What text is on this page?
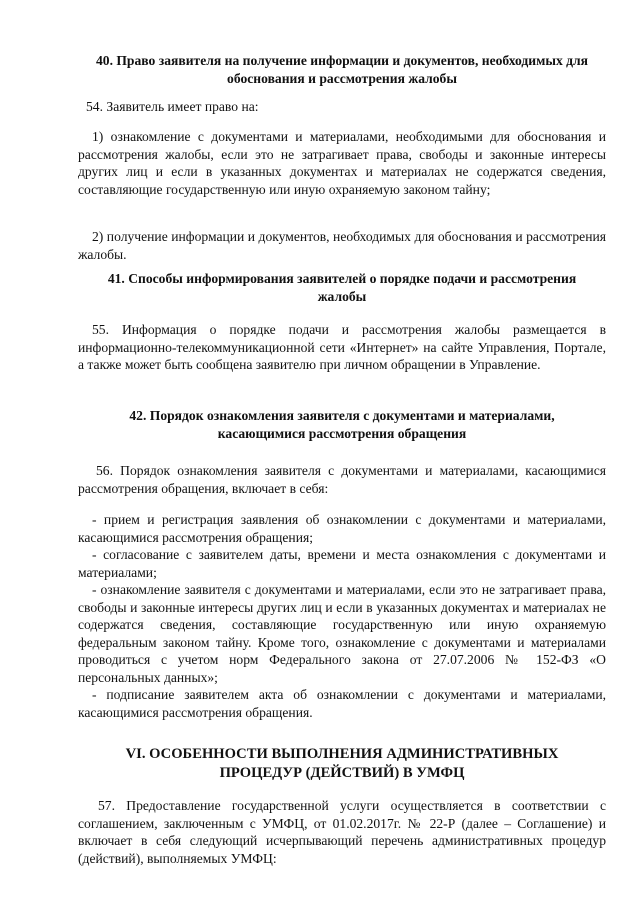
40. Право заявителя на получение информации и документов, необходимых для обоснования и рассмотрения жалобы
54. Заявитель имеет право на:
1) ознакомление с документами и материалами, необходимыми для обоснования и рассмотрения жалобы, если это не затрагивает права, свободы и законные интересы других лиц и если в указанных документах и материалах не содержатся сведения, составляющие государственную или иную охраняемую законом тайну;
2) получение информации и документов, необходимых для обоснования и рассмотрения жалобы.
41. Способы информирования заявителей о порядке подачи и рассмотрения жалобы
55. Информация о порядке подачи и рассмотрения жалобы размещается в информационно-телекоммуникационной сети «Интернет» на сайте Управления, Портале, а также может быть сообщена заявителю при личном обращении в Управление.
42. Порядок ознакомления заявителя с документами и материалами, касающимися рассмотрения обращения
56. Порядок ознакомления заявителя с документами и материалами, касающимися рассмотрения обращения, включает в себя:
- прием и регистрация заявления об ознакомлении с документами и материалами, касающимися рассмотрения обращения;
- согласование с заявителем даты, времени и места ознакомления с документами и материалами;
- ознакомление заявителя с документами и материалами, если это не затрагивает права, свободы и законные интересы других лиц и если в указанных документах и материалах не содержатся сведения, составляющие государственную или иную охраняемую федеральным законом тайну. Кроме того, ознакомление с документами и материалами проводиться с учетом норм Федерального закона от 27.07.2006 № 152-ФЗ «О персональных данных»;
- подписание заявителем акта об ознакомлении с документами и материалами, касающимися рассмотрения обращения.
VI. ОСОБЕННОСТИ ВЫПОЛНЕНИЯ АДМИНИСТРАТИВНЫХ ПРОЦЕДУР (ДЕЙСТВИЙ) В УМФЦ
57. Предоставление государственной услуги осуществляется в соответствии с соглашением, заключенным с УМФЦ, от 01.02.2017г. № 22-Р (далее – Соглашение) и включает в себя следующий исчерпывающий перечень административных процедур (действий), выполняемых УМФЦ:
